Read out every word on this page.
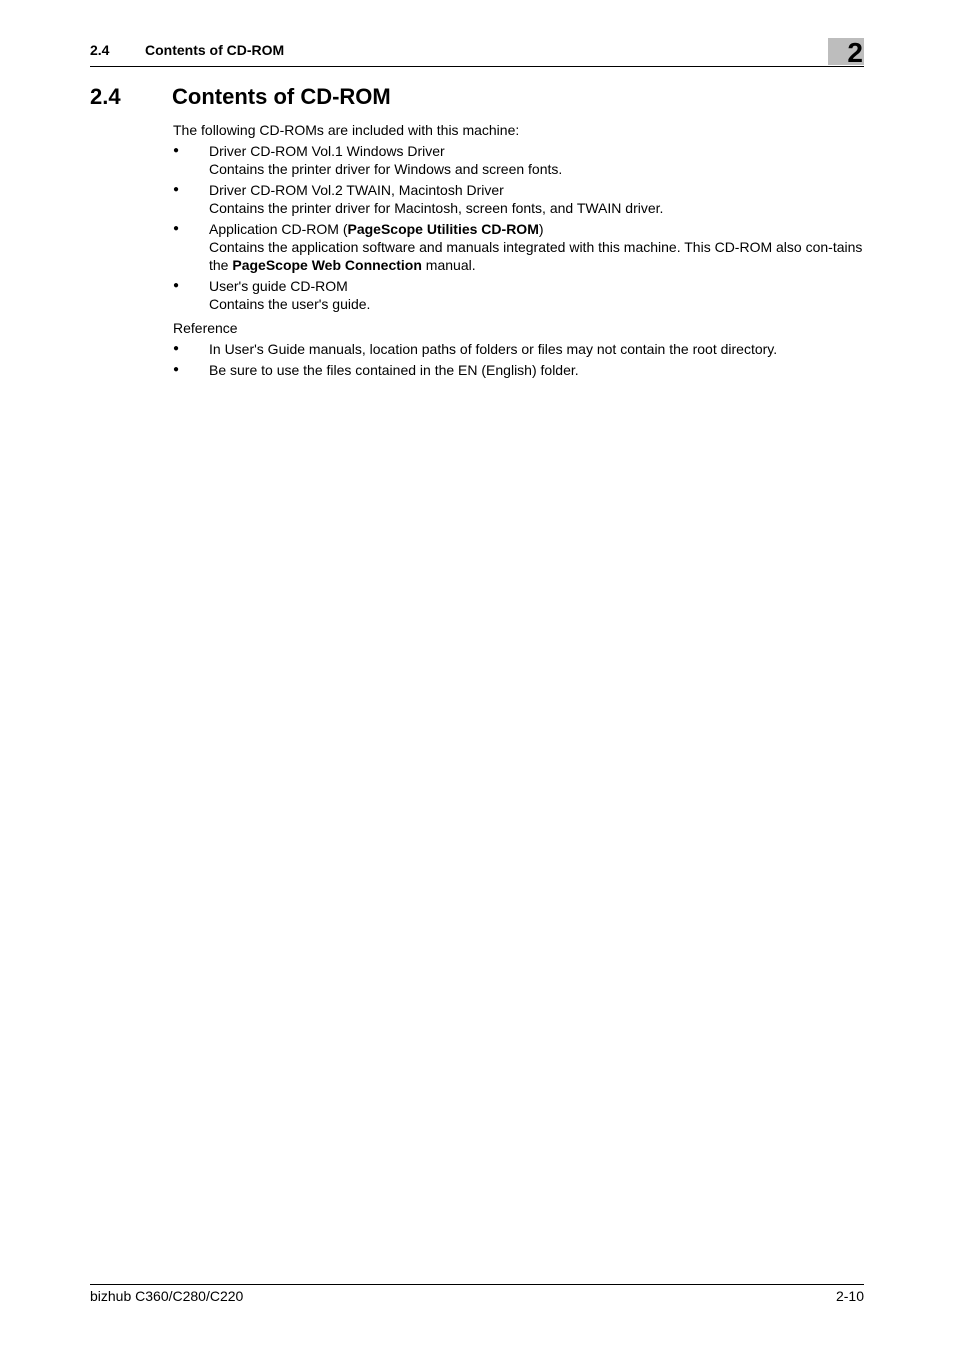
2.4	Contents of CD-ROM	2
2.4 Contents of CD-ROM

The following CD-ROMs are included with this machine:

● Driver CD-ROM Vol.1 Windows Driver
Contains the printer driver for Windows and screen fonts.
● Driver CD-ROM Vol.2 TWAIN, Macintosh Driver
Contains the printer driver for Macintosh, screen fonts, and TWAIN driver.
● Application CD-ROM (PageScope Utilities CD-ROM)
Contains the application software and manuals integrated with this machine. This CD-ROM also con-tains the PageScope Web Connection manual.
● User's guide CD-ROM
Contains the user's guide.

Reference

● In User's Guide manuals, location paths of folders or files may not contain the root directory.
● Be sure to use the files contained in the EN (English) folder.
bizhub C360/C280/C220	2-10
